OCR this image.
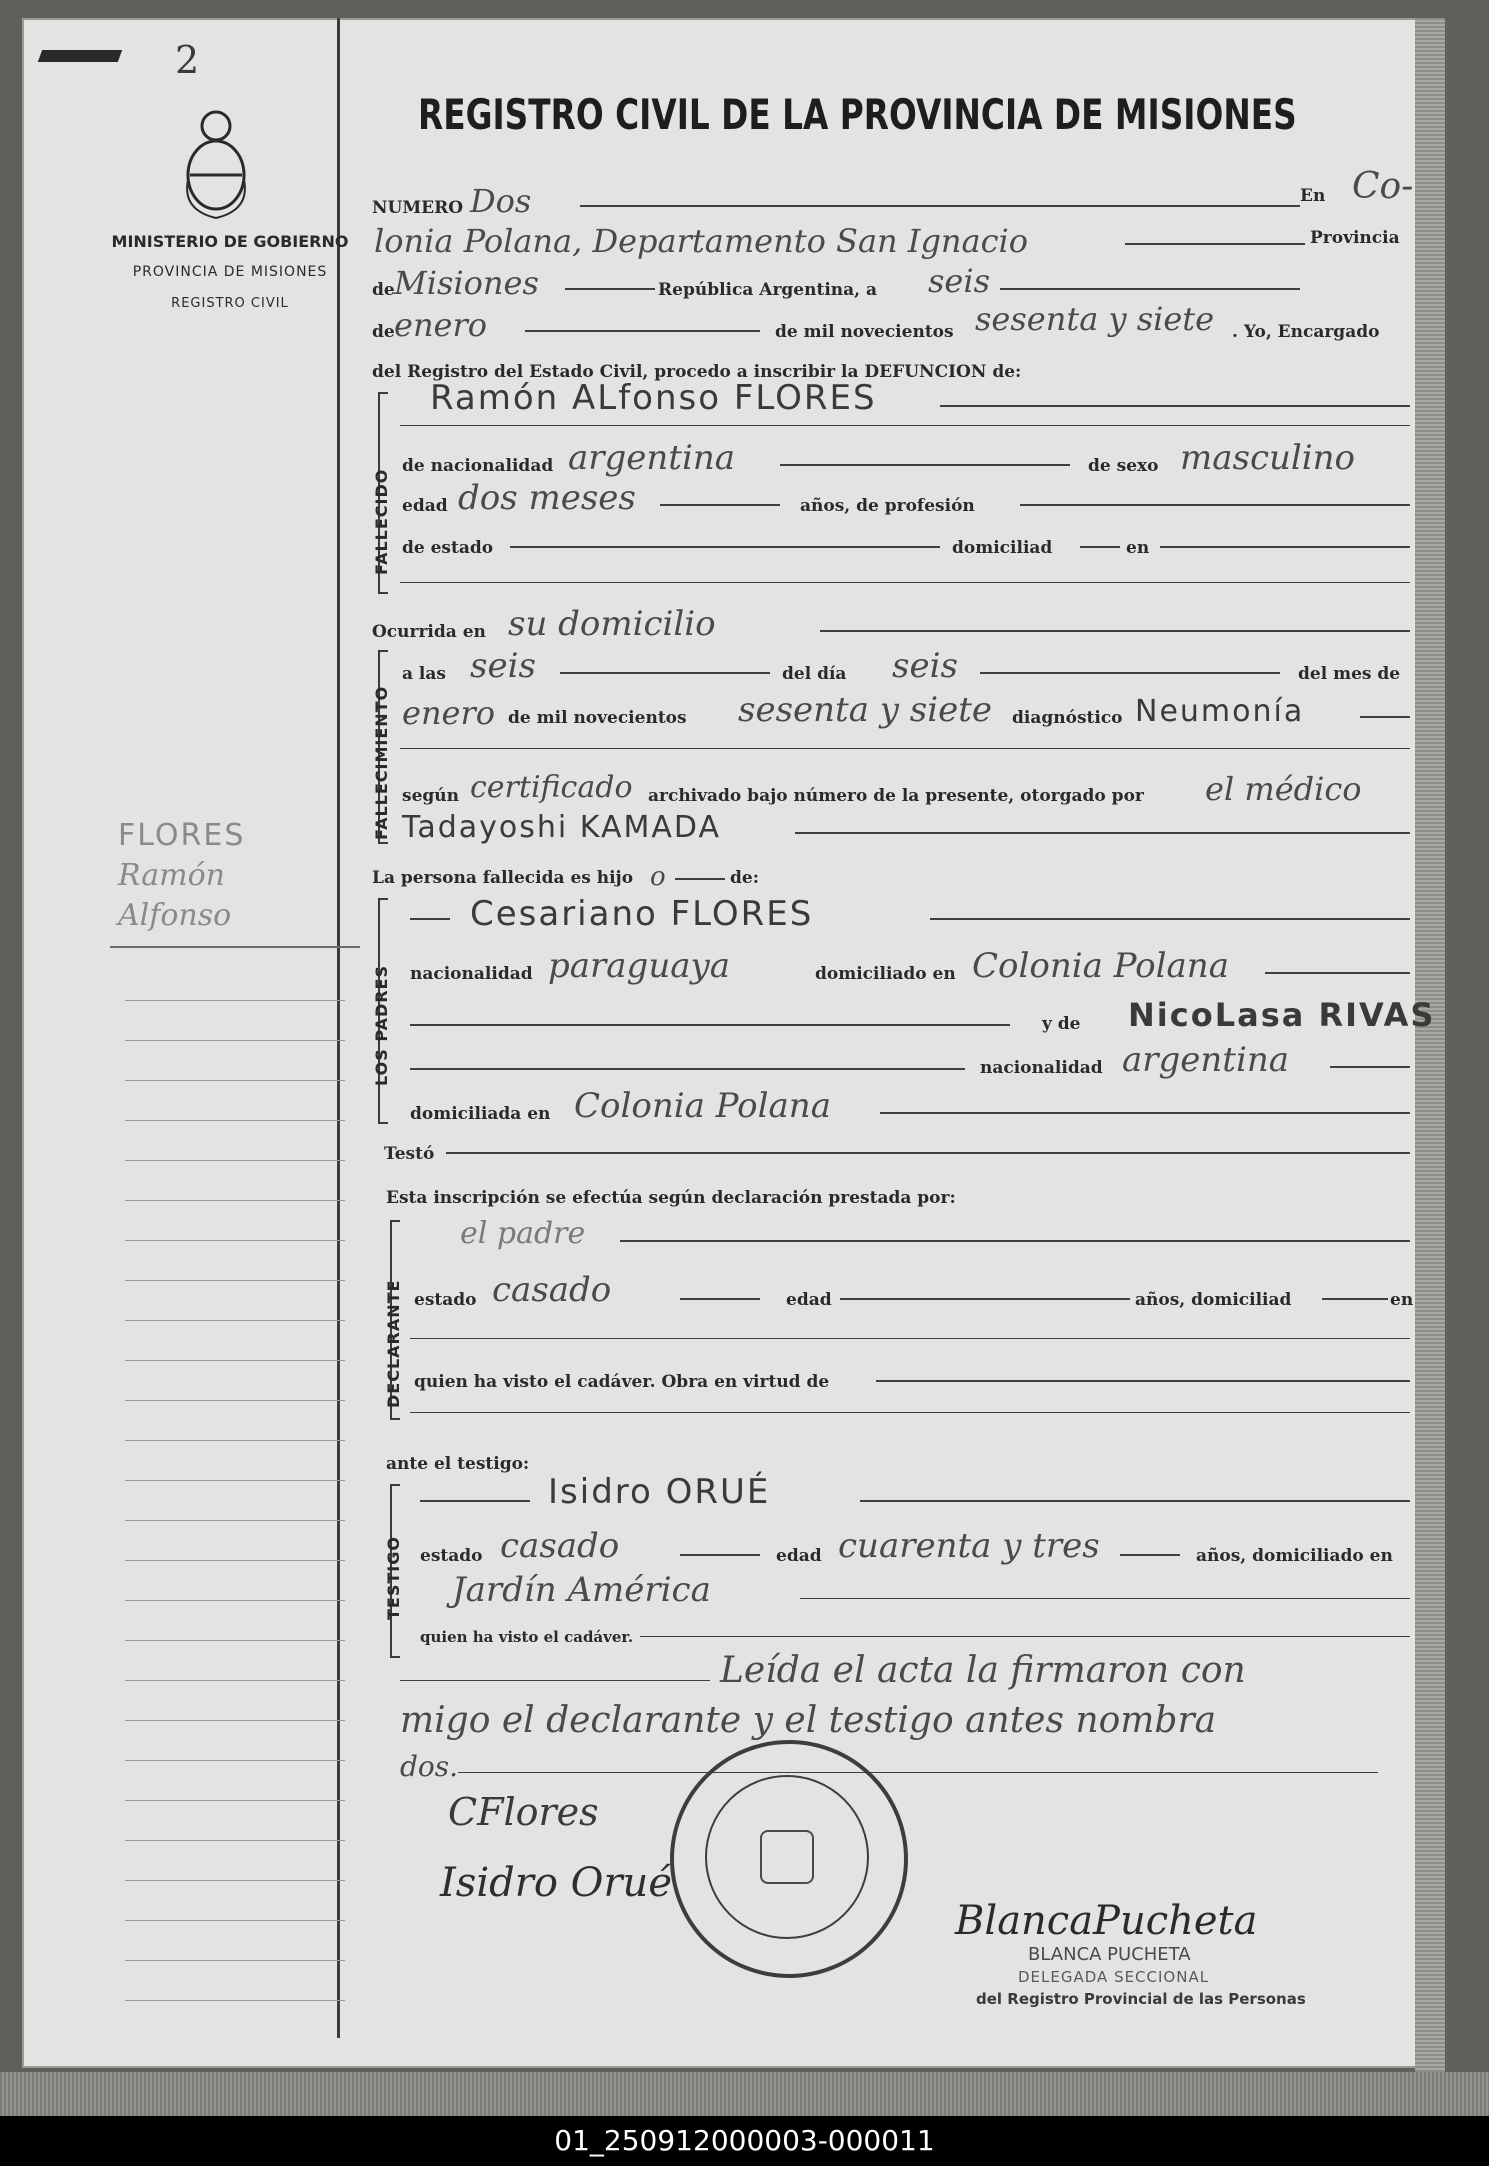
2
MINISTERIO DE GOBIERNO
PROVINCIA DE MISIONES
REGISTRO CIVIL
FLORES
Ramón
Alfonso
REGISTRO CIVIL DE LA PROVINCIA DE MISIONES
NUMERO Dos	En Co-
lonia Polana, Departamento San Ignacio	Provincia
de Misiones	República Argentina, a seis
de enero	de mil novecientos sesenta y siete . Yo, Encargado
del Registro del Estado Civil, procedo a inscribir la DEFUNCION de:
FALLECIDO
Ramón ALfonso FLORES
de nacionalidad argentina	de sexo masculino
edad dos meses	años, de profesión
de estado	domiciliad	en
Ocurrida en su domicilio
FALLECIMIENTO
a las seis	del día seis	del mes de
enero de mil novecientos sesenta y siete diagnóstico Neumonía
según certificado archivado bajo número de la presente, otorgado por el médico
Tadayoshi KAMADA
La persona fallecida es hijo o	de:
LOS PADRES
Cesariano FLORES
nacionalidad paraguaya	domiciliado en Colonia Polana
y de NicoLasa RIVAS
nacionalidad argentina
domiciliada en Colonia Polana
Testó
Esta inscripción se efectúa según declaración prestada por:
DECLARANTE
el padre
estado casado	edad	años, domiciliad	en
quien ha visto el cadáver. Obra en virtud de
ante el testigo:
TESTIGO
Isidro ORUÉ
estado casado	edad cuarenta y tres	años, domiciliado en
Jardín América
quien ha visto el cadáver.
Leída el acta la firmaron con
migo el declarante y el testigo antes nombra
dos.
CFlores
Isidro Orué
BlancaPucheta
BLANCA PUCHETA
DELEGADA SECCIONAL
del Registro Provincial de las Personas
01_250912000003-000011
